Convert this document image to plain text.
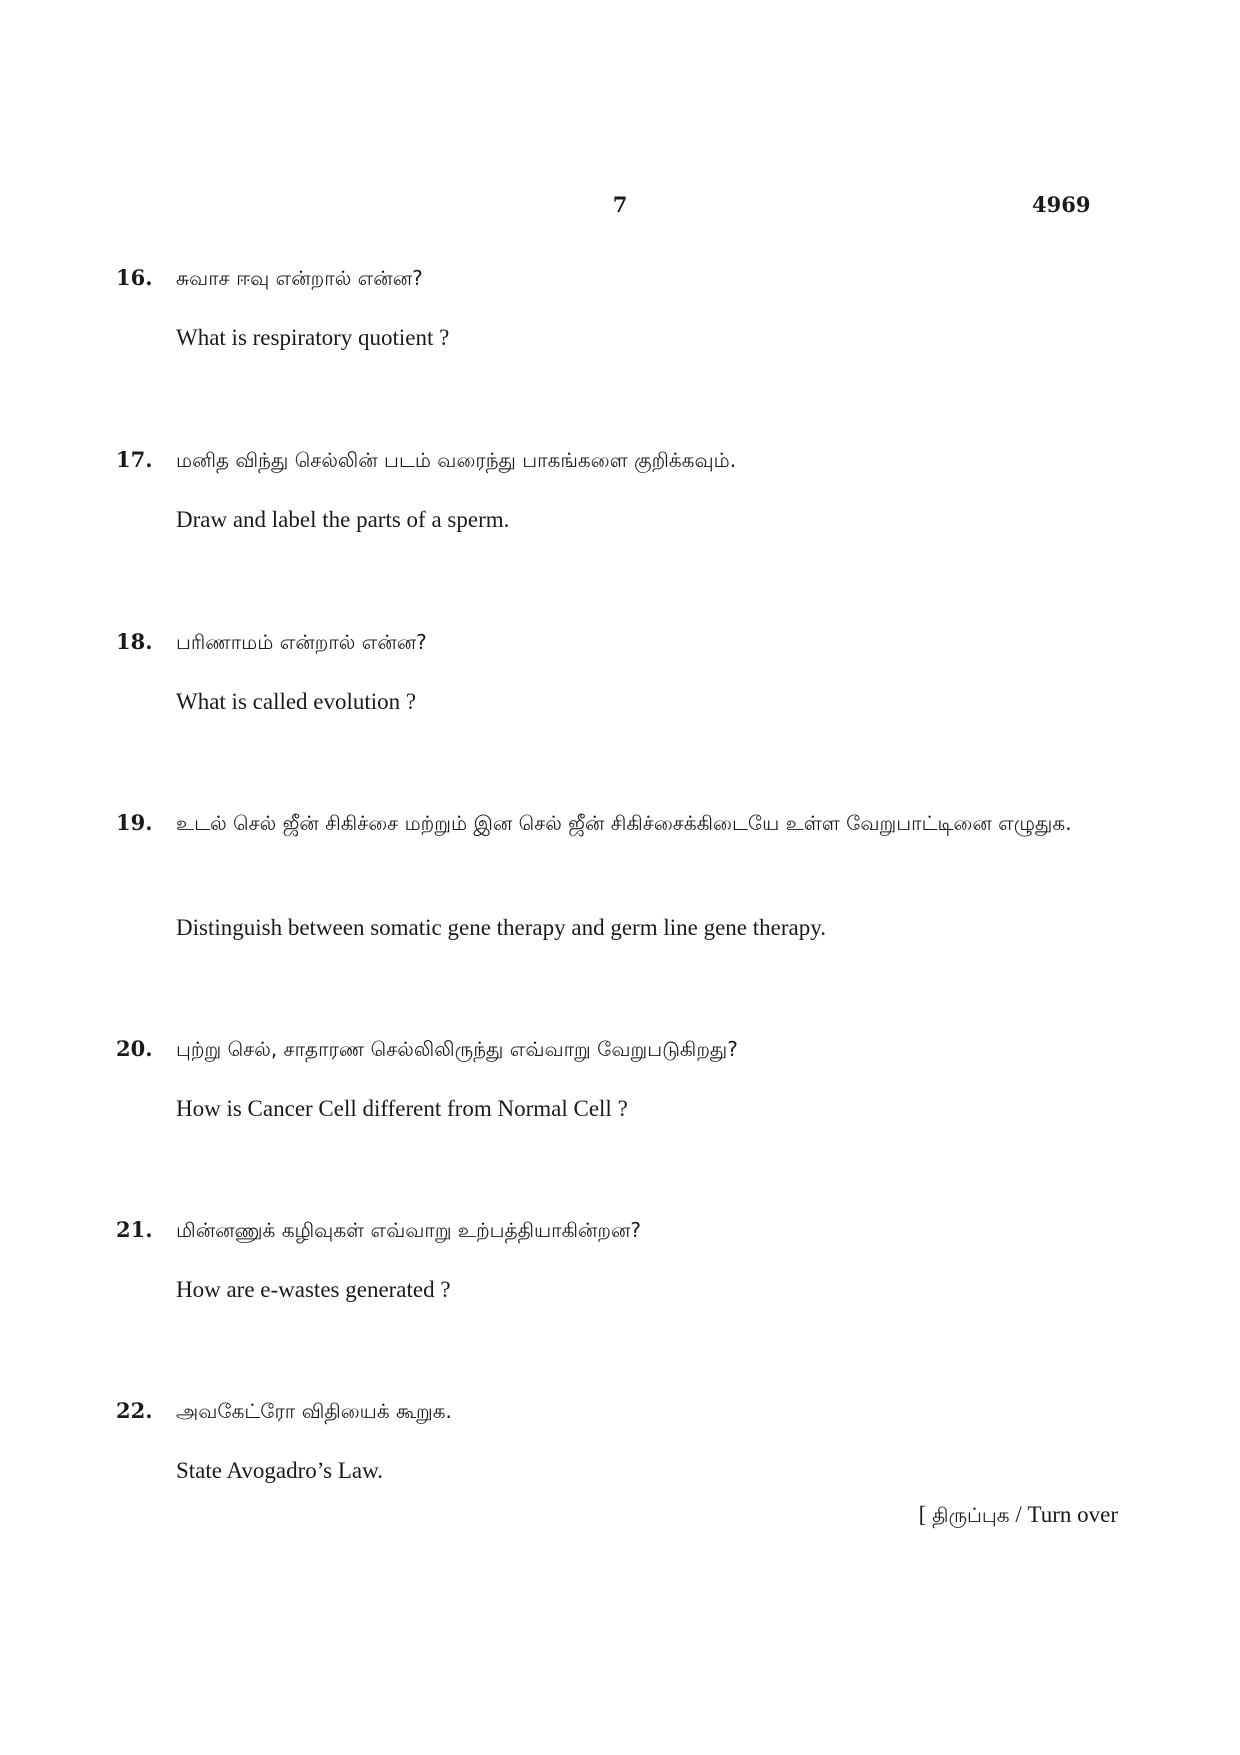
7	4969
16. சுவாச ஈவு என்றால் என்ன?
What is respiratory quotient ?
17. மனித விந்து செல்லின் படம் வரைந்து பாகங்களை குறிக்கவும்.
Draw and label the parts of a sperm.
18. பரிணாமம் என்றால் என்ன?
What is called evolution ?
19. உடல் செல் ஜீன் சிகிச்சை மற்றும் இன செல் ஜீன் சிகிச்சைக்கிடையே உள்ள வேறுபாட்டினை எழுதுக.
Distinguish between somatic gene therapy and germ line gene therapy.
20. புற்று செல், சாதாரண செல்லிலிருந்து எவ்வாறு வேறுபடுகிறது?
How is Cancer Cell different from Normal Cell ?
21. மின்னணுக் கழிவுகள் எவ்வாறு உற்பத்தியாகின்றன?
How are e-wastes generated ?
22. அவகேட்ரோ விதியைக் கூறுக.
State Avogadro’s Law.
[ திருப்புக / Turn over
